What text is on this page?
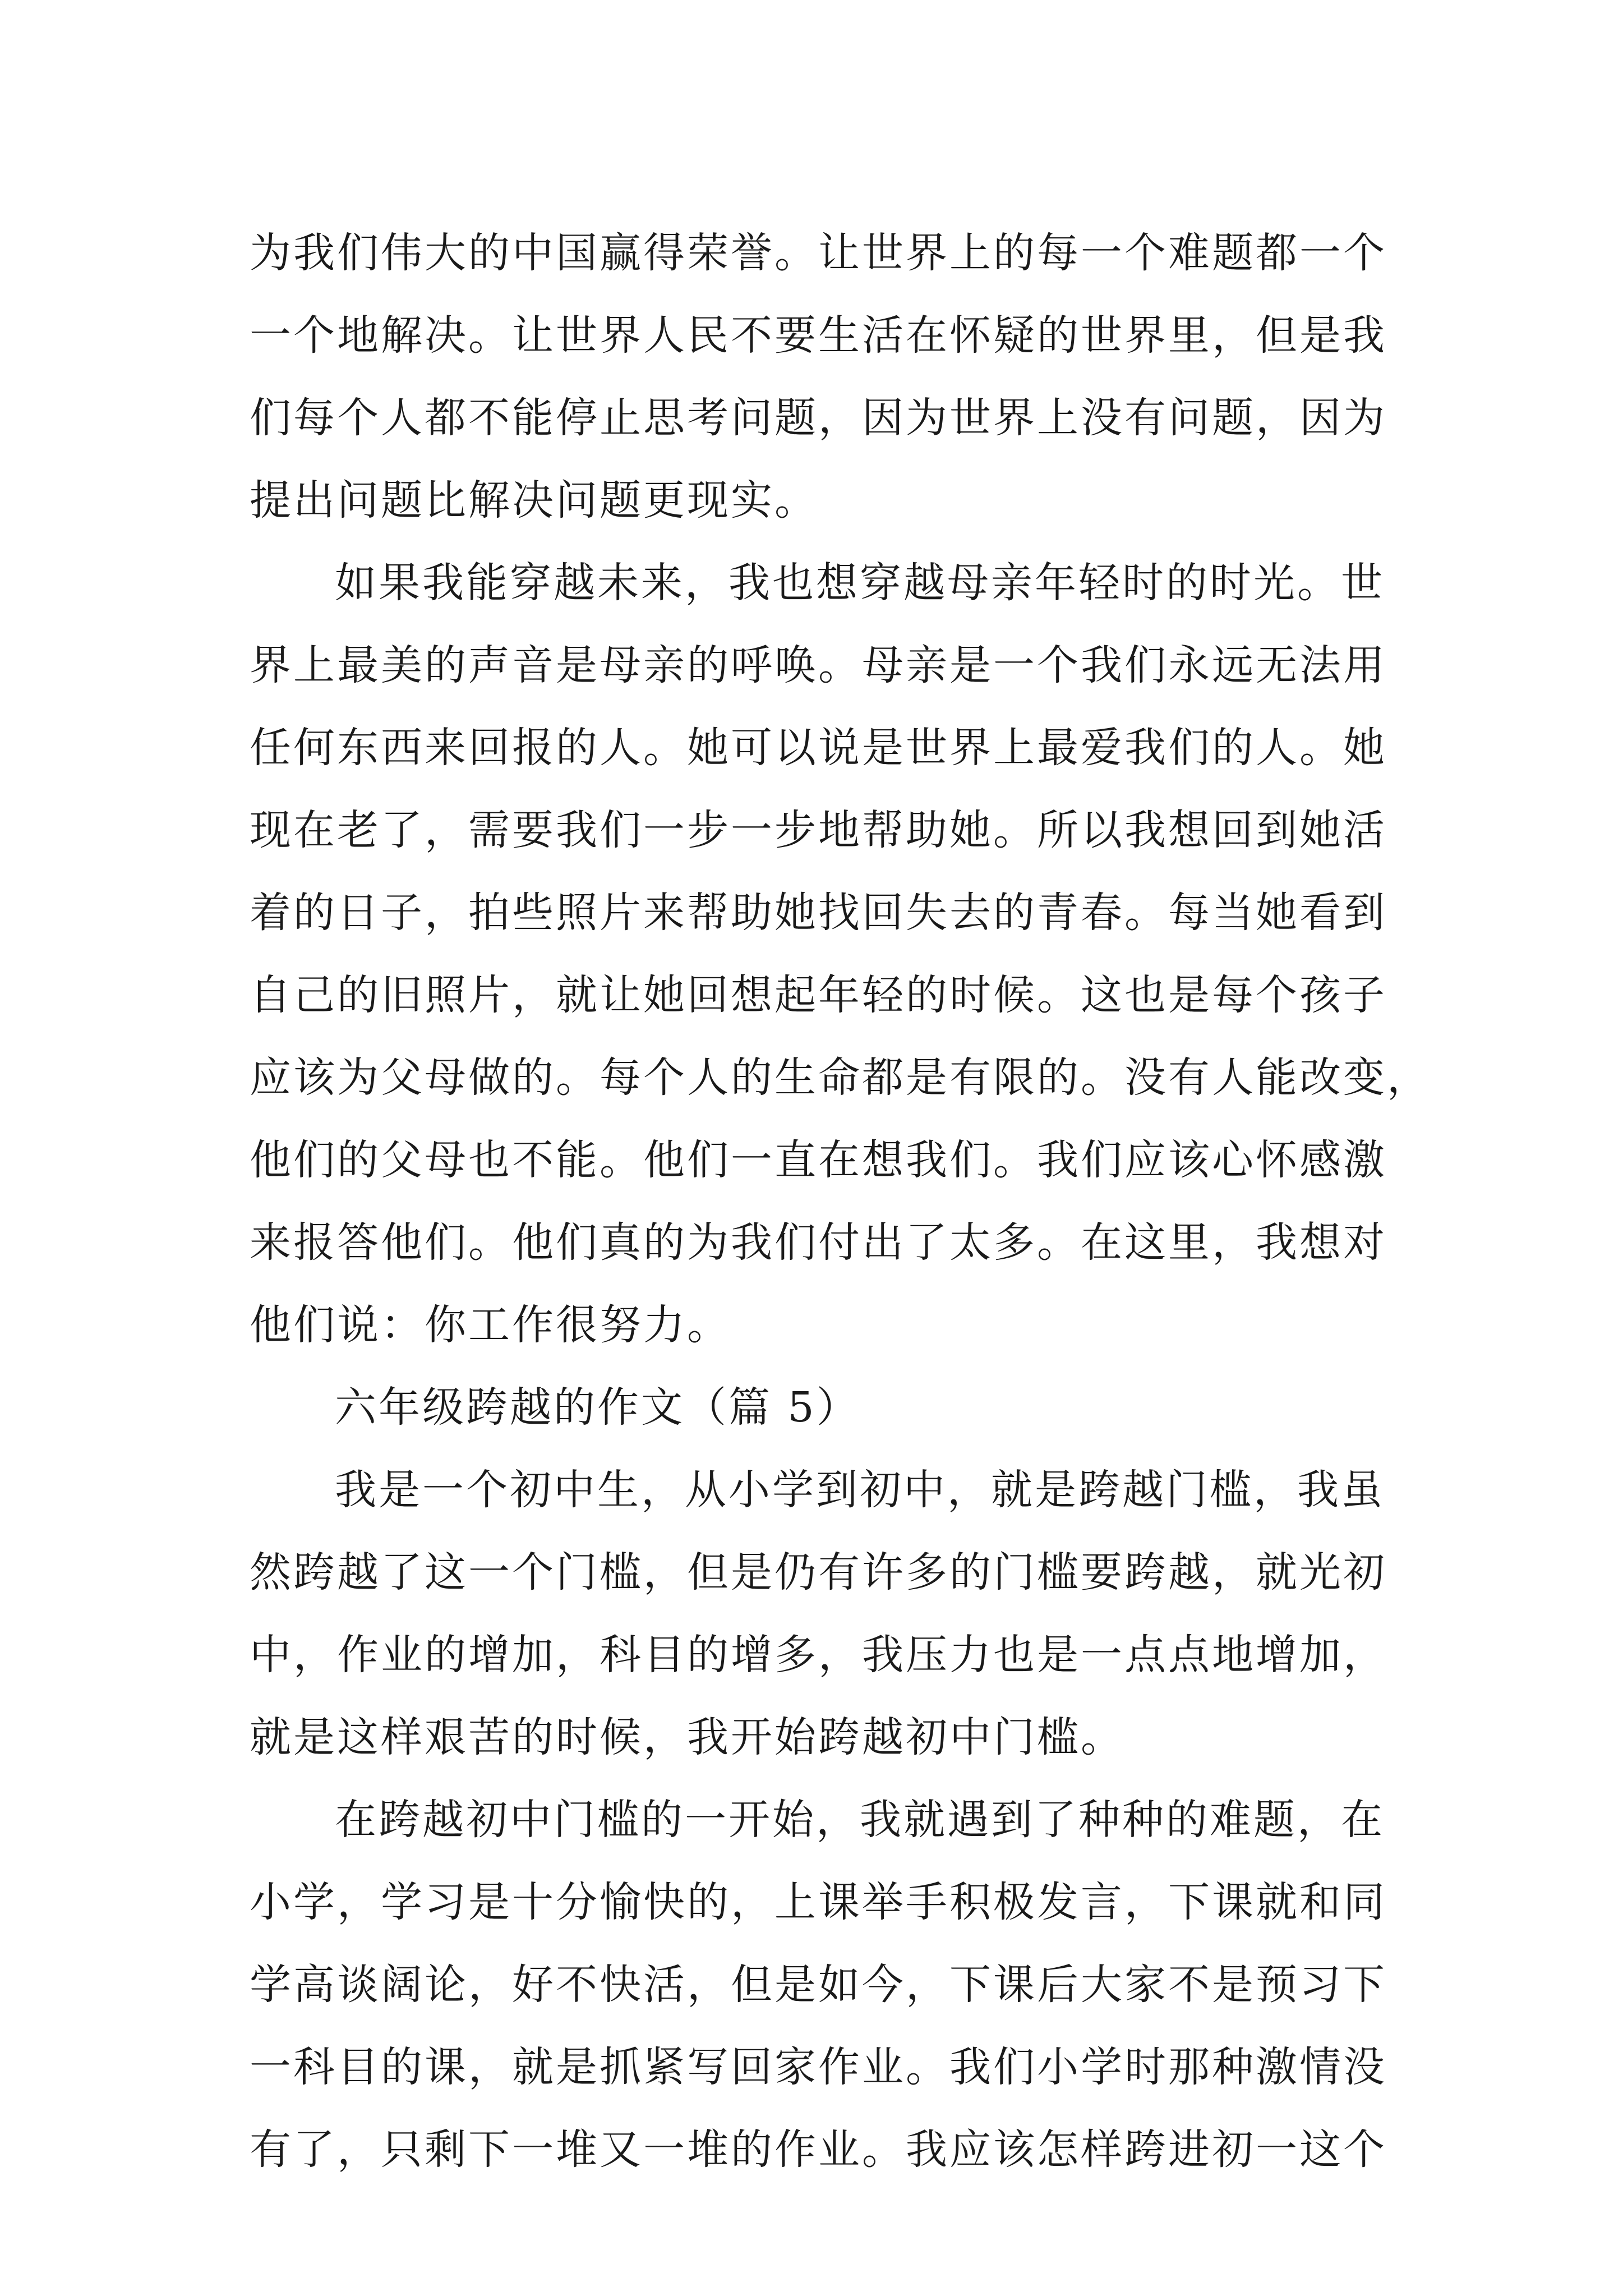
为我们伟大的中国赢得荣誉。让世界上的每一个难题都一个
一个地解决。让世界人民不要生活在怀疑的世界里，但是我
们每个人都不能停止思考问题，因为世界上没有问题，因为
提出问题比解决问题更现实。
如果我能穿越未来，我也想穿越母亲年轻时的时光。世
界上最美的声音是母亲的呼唤。母亲是一个我们永远无法用
任何东西来回报的人。她可以说是世界上最爱我们的人。她
现在老了，需要我们一步一步地帮助她。所以我想回到她活
着的日子，拍些照片来帮助她找回失去的青春。每当她看到
自己的旧照片，就让她回想起年轻的时候。这也是每个孩子
应该为父母做的。每个人的生命都是有限的。没有人能改变，
他们的父母也不能。他们一直在想我们。我们应该心怀感激
来报答他们。他们真的为我们付出了太多。在这里，我想对
他们说：你工作很努力。
六年级跨越的作文（篇 5）
我是一个初中生，从小学到初中，就是跨越门槛，我虽
然跨越了这一个门槛，但是仍有许多的门槛要跨越，就光初
中，作业的增加，科目的增多，我压力也是一点点地增加，
就是这样艰苦的时候，我开始跨越初中门槛。
在跨越初中门槛的一开始，我就遇到了种种的难题，在
小学，学习是十分愉快的，上课举手积极发言，下课就和同
学高谈阔论，好不快活，但是如今，下课后大家不是预习下
一科目的课，就是抓紧写回家作业。我们小学时那种激情没
有了，只剩下一堆又一堆的作业。我应该怎样跨进初一这个
